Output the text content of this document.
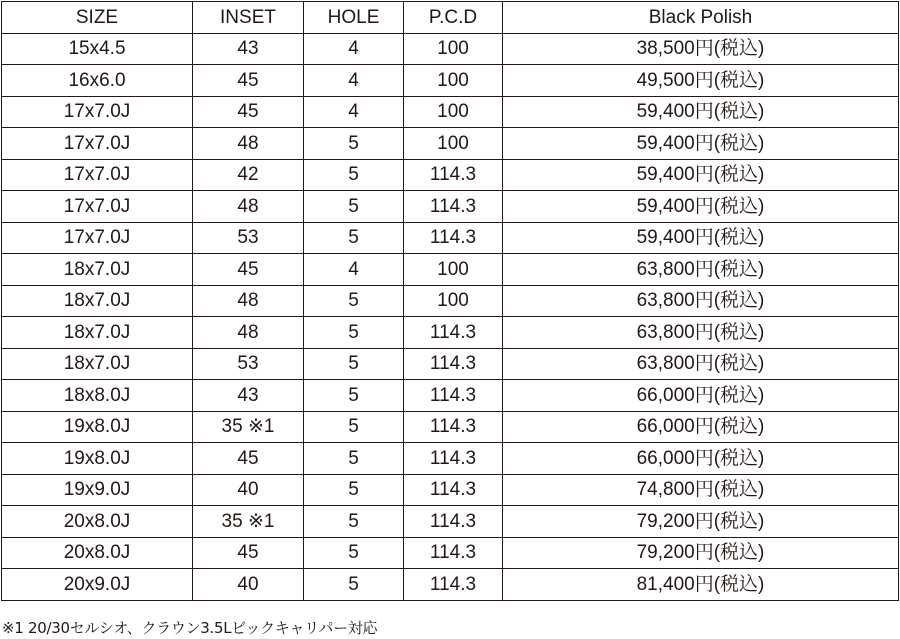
SIZE	INSET	HOLE	P.C.D	Black Polish
15x4.5	43	4	100	38,500円(税込)
16x6.0	45	4	100	49,500円(税込)
17x7.0J	45	4	100	59,400円(税込)
17x7.0J	48	5	100	59,400円(税込)
17x7.0J	42	5	114.3	59,400円(税込)
17x7.0J	48	5	114.3	59,400円(税込)
17x7.0J	53	5	114.3	59,400円(税込)
18x7.0J	45	4	100	63,800円(税込)
18x7.0J	48	5	100	63,800円(税込)
18x7.0J	48	5	114.3	63,800円(税込)
18x7.0J	53	5	114.3	63,800円(税込)
18x8.0J	43	5	114.3	66,000円(税込)
19x8.0J	35 ※1	5	114.3	66,000円(税込)
19x8.0J	45	5	114.3	66,000円(税込)
19x9.0J	40	5	114.3	74,800円(税込)
20x8.0J	35 ※1	5	114.3	79,200円(税込)
20x8.0J	45	5	114.3	79,200円(税込)
20x9.0J	40	5	114.3	81,400円(税込)
※1 20/30セルシオ、クラウン3.5Lビックキャリパー対応
